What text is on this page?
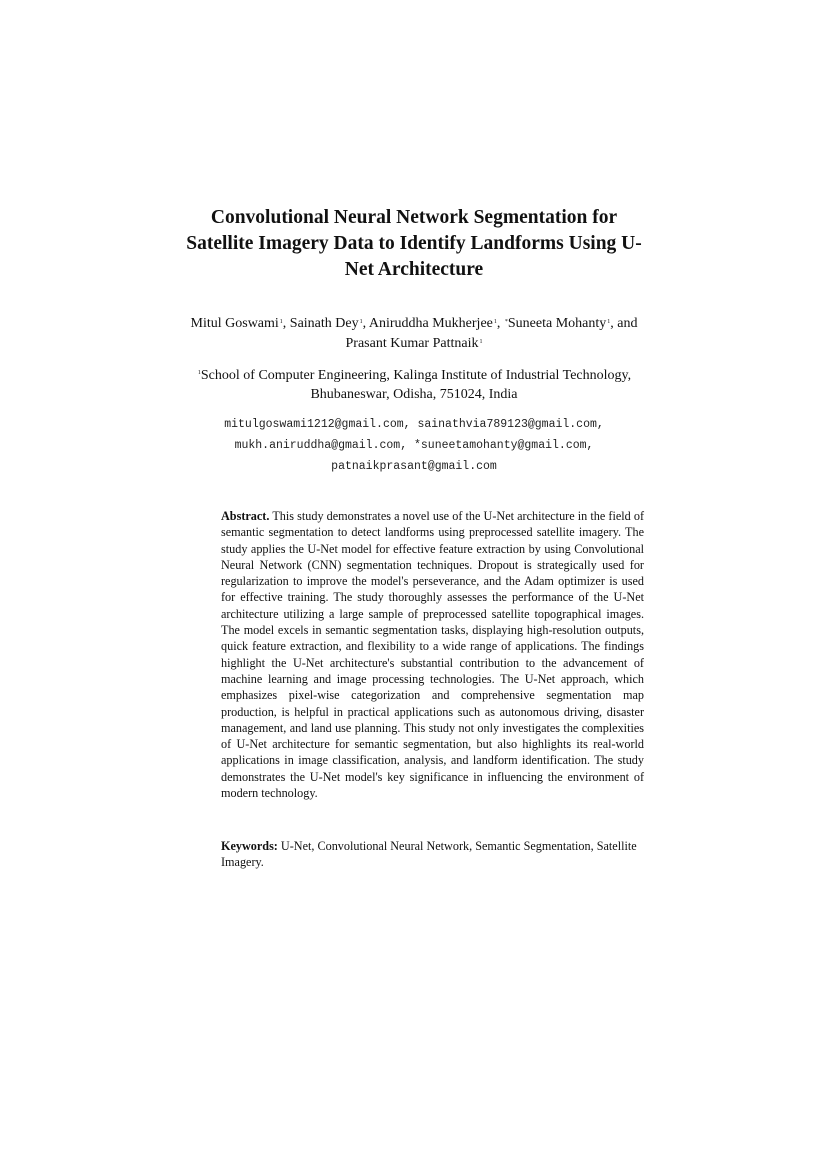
Convolutional Neural Network Segmentation for
Satellite Imagery Data to Identify Landforms Using U-
Net Architecture
Mitul Goswami$^1$, Sainath Dey$^1$, Aniruddha Mukherjee$^1$, *Suneeta Mohanty$^1$, and
Prasant Kumar Pattnaik$^1$
$^1$School of Computer Engineering, Kalinga Institute of Industrial Technology,
Bhubaneswar, Odisha, 751024, India
mitulgoswami1212@gmail.com, sainathvia789123@gmail.com,
mukh.aniruddha@gmail.com, *suneetamohanty@gmail.com,
patnaikprasant@gmail.com
Abstract. This study demonstrates a novel use of the U-Net architecture in the field of semantic segmentation to detect landforms using preprocessed satellite imagery. The study applies the U-Net model for effective feature extraction by using Convolutional Neural Network (CNN) segmentation techniques. Dropout is strategically used for regularization to improve the model's perseverance, and the Adam optimizer is used for effective training. The study thoroughly assesses the performance of the U-Net architecture utilizing a large sample of preprocessed satellite topographical images. The model excels in semantic segmentation tasks, displaying high-resolution outputs, quick feature extraction, and flexibility to a wide range of applications. The findings highlight the U-Net architecture's substantial contribution to the advancement of machine learning and image processing technologies. The U-Net approach, which emphasizes pixel-wise categorization and comprehensive segmentation map production, is helpful in practical applications such as autonomous driving, disaster management, and land use planning. This study not only investigates the complexities of U-Net architecture for semantic segmentation, but also highlights its real-world applications in image classification, analysis, and landform identification. The study demonstrates the U-Net model's key significance in influencing the environment of modern technology.
Keywords: U-Net, Convolutional Neural Network, Semantic Segmentation, Satellite Imagery.
